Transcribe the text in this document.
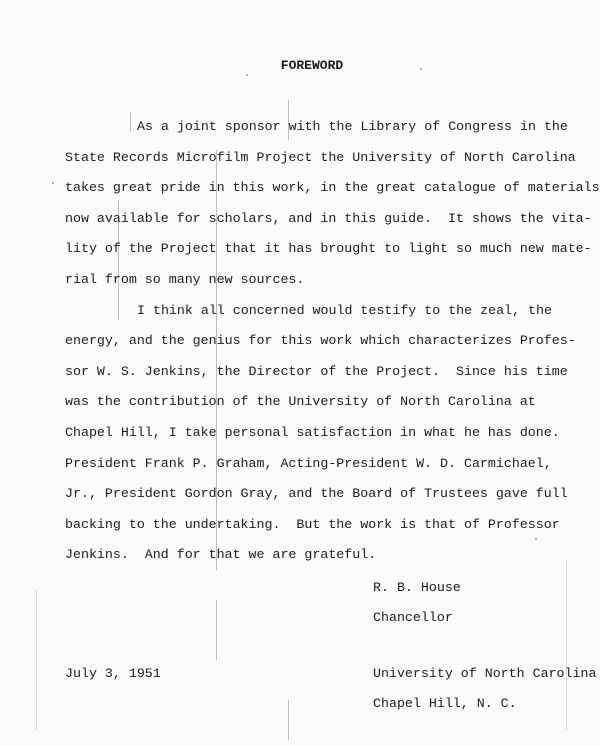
FOREWORD
As a joint sponsor with the Library of Congress in the
State Records Microfilm Project the University of North Carolina
takes great pride in this work, in the great catalogue of materials
now available for scholars, and in this guide.  It shows the vita-
lity of the Project that it has brought to light so much new mate-
rial from so many new sources.
I think all concerned would testify to the zeal, the
energy, and the genius for this work which characterizes Profes-
sor W. S. Jenkins, the Director of the Project.  Since his time
was the contribution of the University of North Carolina at
Chapel Hill, I take personal satisfaction in what he has done.
President Frank P. Graham, Acting-President W. D. Carmichael,
Jr., President Gordon Gray, and the Board of Trustees gave full
backing to the undertaking.  But the work is that of Professor
Jenkins.  And for that we are grateful.
R. B. House
Chancellor
University of North Carolina
Chapel Hill, N. C.
July 3, 1951
